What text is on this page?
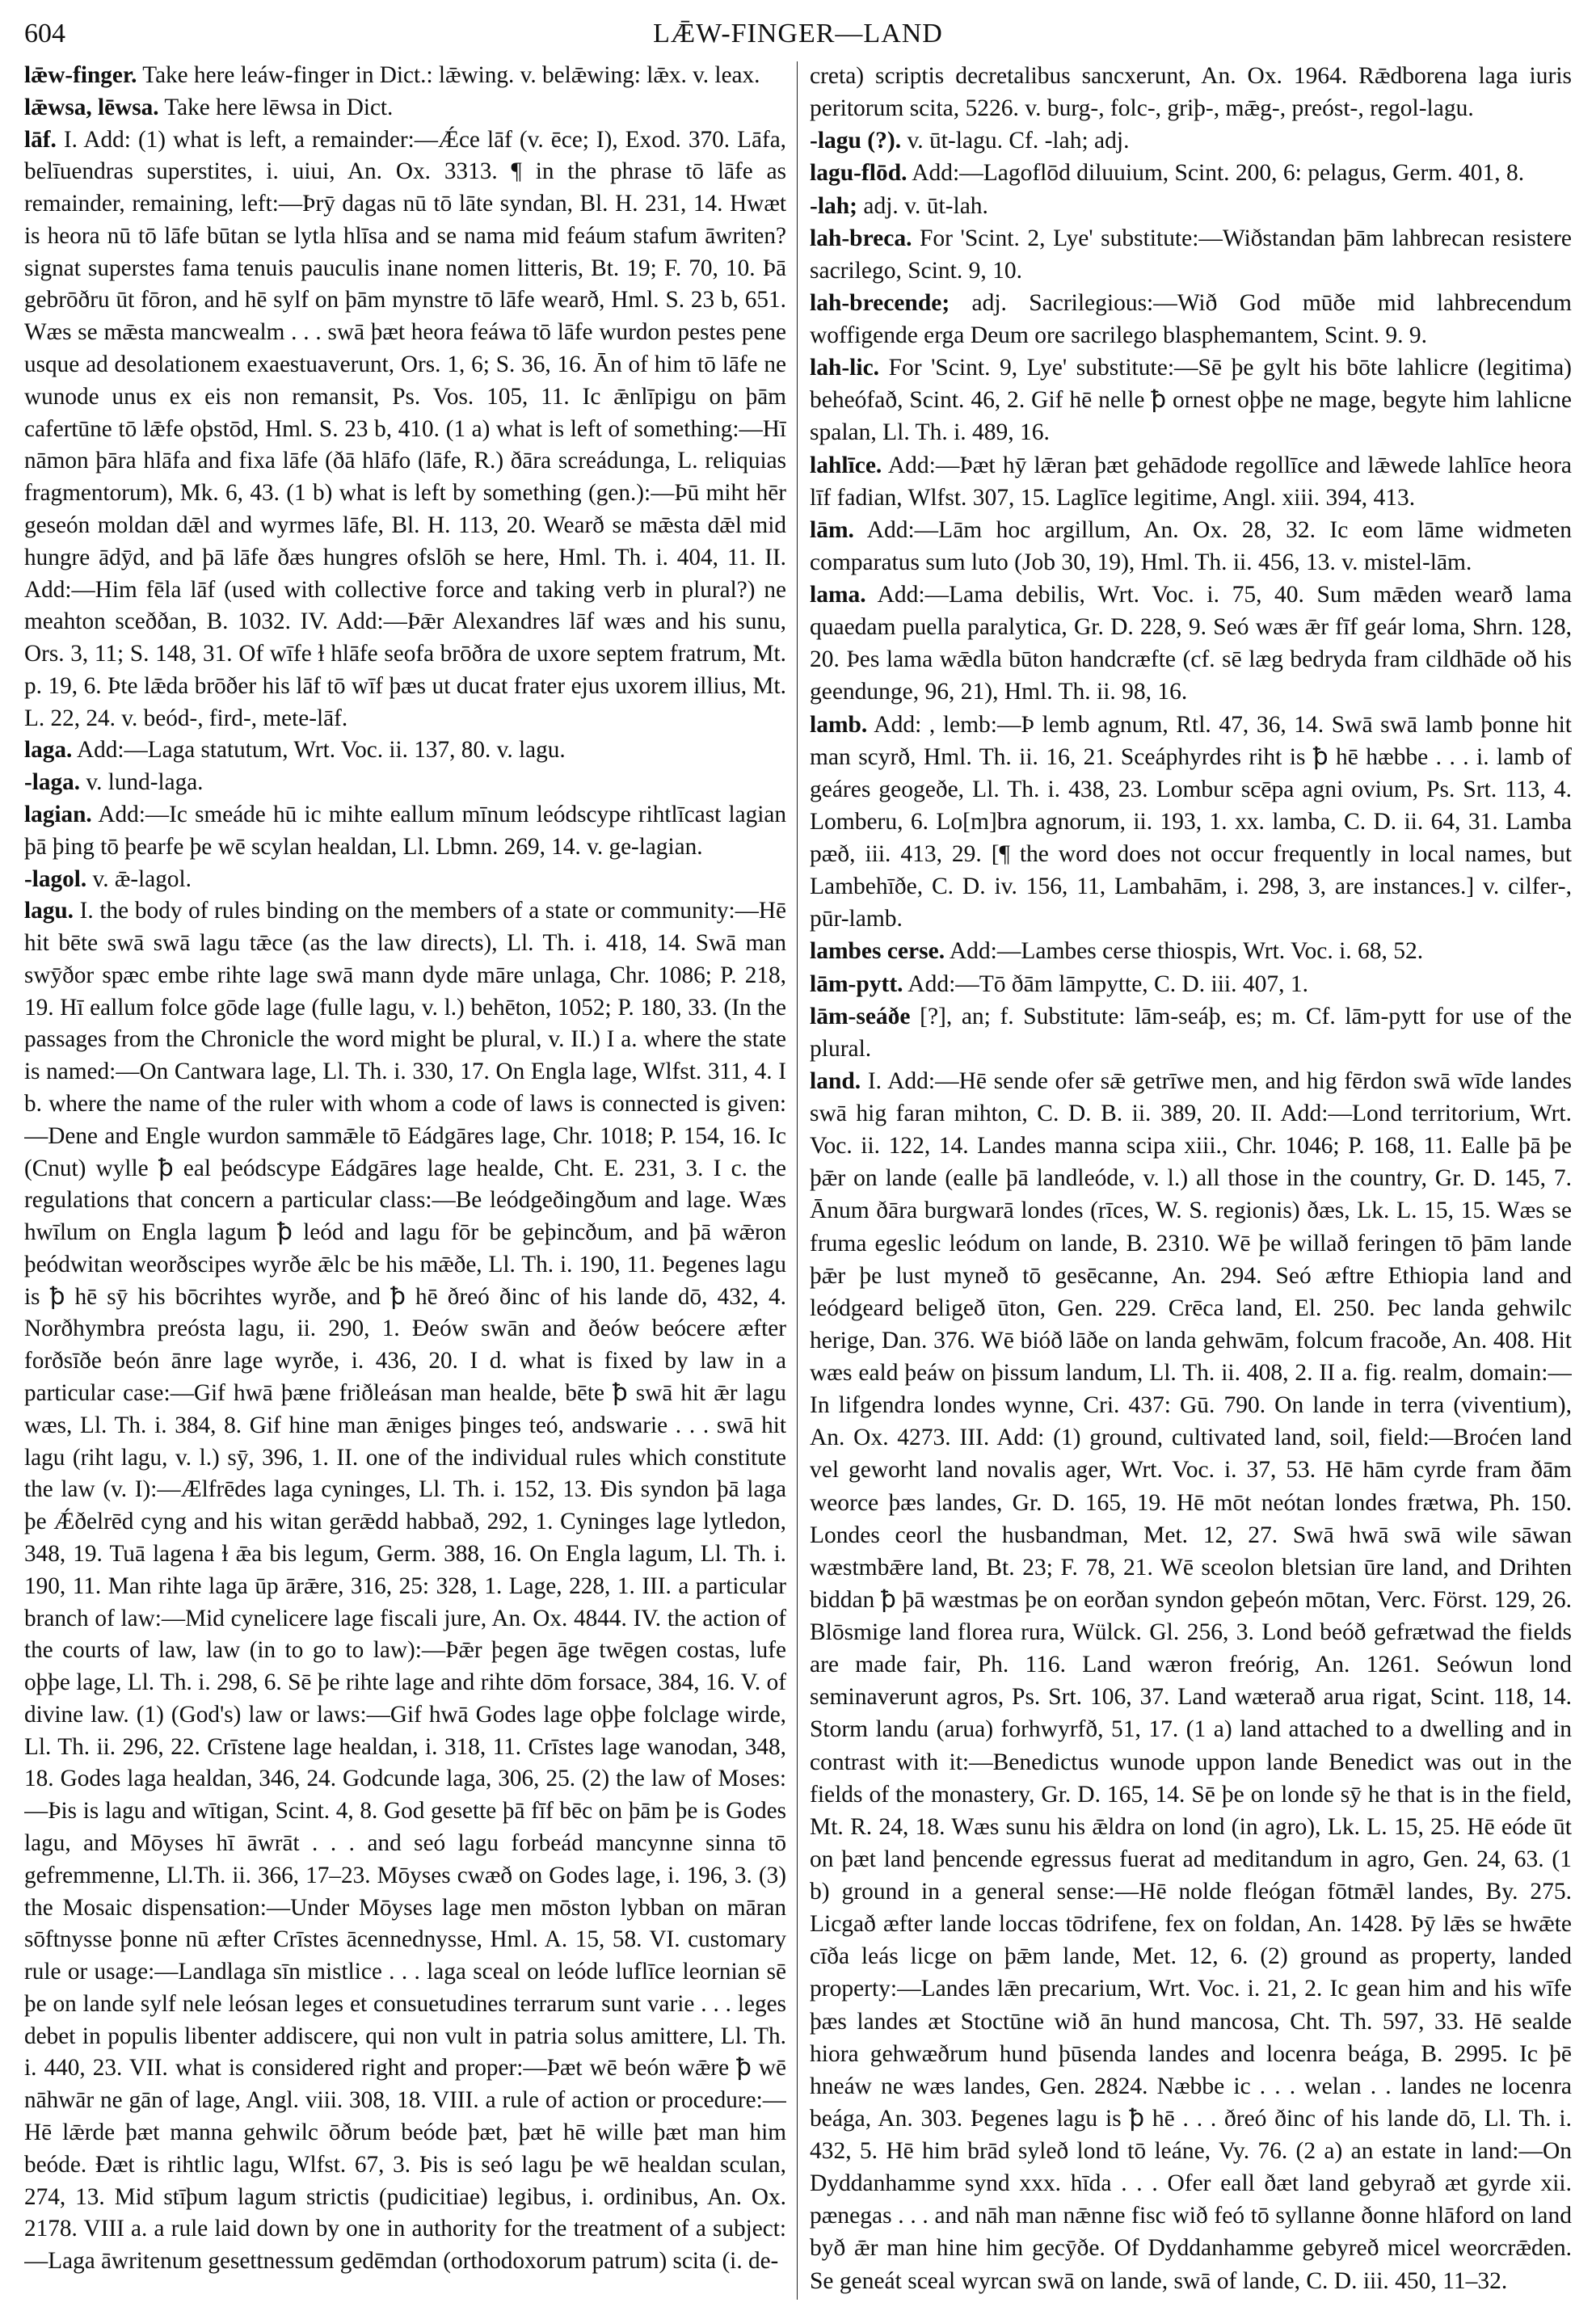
604	LǢW-FINGER—LAND

lǣw-finger. Take here leáw-finger in Dict.: lǣwing. v. belǣwing: lǣx. v. leax.

lǣwsa, lēwsa. Take here lēwsa in Dict.

lāf. I. Add: (1) what is left, a remainder:—Ǽce lāf (v. ēce; I), Exod. 370. Lāfa, belīuendras superstites, i. uiui, An. Ox. 3313. ¶ in the phrase tō lāfe as remainder, remaining, left:—Þrȳ dagas nū tō lāte syndan, Bl. H. 231, 14. Hwæt is heora nū tō lāfe būtan se lytla hlīsa and se nama mid feáum stafum āwriten? signat superstes fama tenuis pauculis inane nomen litteris, Bt. 19; F. 70, 10. Þā gebrōðru ūt fōron, and hē sylf on þām mynstre tō lāfe wearð, Hml. S. 23 b, 651. Wæs se mǣsta mancwealm . . . swā þæt heora feáwa tō lāfe wurdon pestes pene usque ad desolationem exaestuaverunt, Ors. 1, 6; S. 36, 16. Ān of him tō lāfe ne wunode unus ex eis non remansit, Ps. Vos. 105, 11. Ic ǣnlīpigu on þām cafertūne tō lǣfe oþstōd, Hml. S. 23 b, 410. (1 a) what is left of something:—Hī nāmon þāra hlāfa and fixa lāfe (ðā hlāfo (lāfe, R.) ðāra screádunga, L. reliquias fragmentorum), Mk. 6, 43. (1 b) what is left by something (gen.):—Þū miht hēr geseón moldan dǣl and wyrmes lāfe, Bl. H. 113, 20. Wearð se mǣsta dǣl mid hungre ādȳd, and þā lāfe ðæs hungres ofslōh se here, Hml. Th. i. 404, 11. II. Add:—Him fēla lāf (used with collective force and taking verb in plural?) ne meahton sceððan, B. 1032. IV. Add:—Þǣr Alexandres lāf wæs and his sunu, Ors. 3, 11; S. 148, 31. Of wīfe ɫ hlāfe seofa brōðra de uxore septem fratrum, Mt. p. 19, 6. Þte lǣda brōðer his lāf tō wīf þæs ut ducat frater ejus uxorem illius, Mt. L. 22, 24. v. beód-, fird-, mete-lāf.

laga. Add:—Laga statutum, Wrt. Voc. ii. 137, 80. v. lagu.

-laga. v. lund-laga.

lagian. Add:—Ic smeáde hū ic mihte eallum mīnum leódscype rihtlīcast lagian þā þing tō þearfe þe wē scylan healdan, Ll. Lbmn. 269, 14. v. ge-lagian.

-lagol. v. ǣ-lagol.

lagu. I. the body of rules binding on the members of a state or community:—Hē hit bēte swā swā lagu tǣce (as the law directs), Ll. Th. i. 418, 14. Swā man swȳðor spæc embe rihte lage swā mann dyde māre unlaga, Chr. 1086; P. 218, 19. Hī eallum folce gōde lage (fulle lagu, v. l.) behēton, 1052; P. 180, 33. (In the passages from the Chronicle the word might be plural, v. II.) I a. where the state is named:—On Cantwara lage, Ll. Th. i. 330, 17. On Engla lage, Wlfst. 311, 4. I b. where the name of the ruler with whom a code of laws is connected is given:—Dene and Engle wurdon sammǣle tō Eádgāres lage, Chr. 1018; P. 154, 16. Ic (Cnut) wylle ꝥ eal þeódscype Eádgāres lage healde, Cht. E. 231, 3. I c. the regulations that concern a particular class:—Be leódgeðingðum and lage. Wæs hwīlum on Engla lagum ꝥ leód and lagu fōr be geþincðum, and þā wǣron þeódwitan weorðscipes wyrðe ǣlc be his mǣðe, Ll. Th. i. 190, 11. Þegenes lagu is ꝥ hē sȳ his bōcrihtes wyrðe, and ꝥ hē ðreó ðinc of his lande dō, 432, 4. Norðhymbra preósta lagu, ii. 290, 1. Ðeów swān and ðeów beócere æfter forðsīðe beón ānre lage wyrðe, i. 436, 20. I d. what is fixed by law in a particular case:—Gif hwā þæne friðleásan man healde, bēte ꝥ swā hit ǣr lagu wæs, Ll. Th. i. 384, 8. Gif hine man ǣniges þinges teó, andswarie . . . swā hit lagu (riht lagu, v. l.) sȳ, 396, 1. II. one of the individual rules which constitute the law (v. I):—Ælfrēdes laga cyninges, Ll. Th. i. 152, 13. Ðis syndon þā laga þe Ǽðelrēd cyng and his witan gerǣdd habbað, 292, 1. Cyninges lage lytledon, 348, 19. Tuā lagena ɫ ǣa bis legum, Germ. 388, 16. On Engla lagum, Ll. Th. i. 190, 11. Man rihte laga ūp ārǣre, 316, 25: 328, 1. Lage, 228, 1. III. a particular branch of law:—Mid cynelicere lage fiscali jure, An. Ox. 4844. IV. the action of the courts of law, law (in to go to law):—Þǣr þegen āge twēgen costas, lufe oþþe lage, Ll. Th. i. 298, 6. Sē þe rihte lage and rihte dōm forsace, 384, 16. V. of divine law. (1) (God's) law or laws:—Gif hwā Godes lage oþþe folclage wirde, Ll. Th. ii. 296, 22. Crīstene lage healdan, i. 318, 11. Crīstes lage wanodan, 348, 18. Godes laga healdan, 346, 24. Godcunde laga, 306, 25. (2) the law of Moses:—Þis is lagu and wītigan, Scint. 4, 8. God gesette þā fīf bēc on þām þe is Godes lagu, and Mōyses hī āwrāt . . . and seó lagu forbeád mancynne sinna tō gefremmenne, Ll.Th. ii. 366, 17–23. Mōyses cwæð on Godes lage, i. 196, 3. (3) the Mosaic dispensation:—Under Mōyses lage men mōston lybban on māran sōftnysse þonne nū æfter Crīstes ācennednysse, Hml. A. 15, 58. VI. customary rule or usage:—Landlaga sīn mistlice . . . laga sceal on leóde luflīce leornian sē þe on lande sylf nele leósan leges et consuetudines terrarum sunt varie . . . leges debet in populis libenter addiscere, qui non vult in patria solus amittere, Ll. Th. i. 440, 23. VII. what is considered right and proper:—Þæt wē beón wǣre ꝥ wē nāhwār ne gān of lage, Angl. viii. 308, 18. VIII. a rule of action or procedure:—Hē lǣrde þæt manna gehwilc ōðrum beóde þæt, þæt hē wille þæt man him beóde. Ðæt is rihtlic lagu, Wlfst. 67, 3. Þis is seó lagu þe wē healdan sculan, 274, 13. Mid stīþum lagum strictis (pudicitiae) legibus, i. ordinibus, An. Ox. 2178. VIII a. a rule laid down by one in authority for the treatment of a subject:—Laga āwritenum gesettnessum gedēmdan (orthodoxorum patrum) scita (i. de-

creta) scriptis decretalibus sancxerunt, An. Ox. 1964. Rǣdborena laga iuris peritorum scita, 5226. v. burg-, folc-, griþ-, mǣg-, preóst-, regol-lagu.

-lagu (?). v. ūt-lagu. Cf. -lah; adj.

lagu-flōd. Add:—Lagoflōd diluuium, Scint. 200, 6: pelagus, Germ. 401, 8.

-lah; adj. v. ūt-lah.

lah-breca. For 'Scint. 2, Lye' substitute:—Wiðstandan þām lahbrecan resistere sacrilego, Scint. 9, 10.

lah-brecende; adj. Sacrilegious:—Wið God mūðe mid lahbrecendum woffigende erga Deum ore sacrilego blasphemantem, Scint. 9. 9.

lah-lic. For 'Scint. 9, Lye' substitute:—Sē þe gylt his bōte lahlicre (legitima) beheófað, Scint. 46, 2. Gif hē nelle ꝥ ornest oþþe ne mage, begyte him lahlicne spalan, Ll. Th. i. 489, 16.

lahlīce. Add:—Þæt hȳ lǣran þæt gehādode regollīce and lǣwede lahlīce heora līf fadian, Wlfst. 307, 15. Laglīce legitime, Angl. xiii. 394, 413.

lām. Add:—Lām hoc argillum, An. Ox. 28, 32. Ic eom lāme widmeten comparatus sum luto (Job 30, 19), Hml. Th. ii. 456, 13. v. mistel-lām.

lama. Add:—Lama debilis, Wrt. Voc. i. 75, 40. Sum mǣden wearð lama quaedam puella paralytica, Gr. D. 228, 9. Seó wæs ǣr fīf geár loma, Shrn. 128, 20. Þes lama wǣdla būton handcræfte (cf. sē læg bedryda fram cildhāde oð his geendunge, 96, 21), Hml. Th. ii. 98, 16.

lamb. Add: , lemb:—Þ lemb agnum, Rtl. 47, 36, 14. Swā swā lamb þonne hit man scyrð, Hml. Th. ii. 16, 21. Sceáphyrdes riht is ꝥ hē hæbbe . . . i. lamb of geáres geogeðe, Ll. Th. i. 438, 23. Lombur scēpa agni ovium, Ps. Srt. 113, 4. Lomberu, 6. Lo[m]bra agnorum, ii. 193, 1. xx. lamba, C. D. ii. 64, 31. Lamba pæð, iii. 413, 29. [¶ the word does not occur frequently in local names, but Lambehīðe, C. D. iv. 156, 11, Lambahām, i. 298, 3, are instances.] v. cilfer-, pūr-lamb.

lambes cerse. Add:—Lambes cerse thiospis, Wrt. Voc. i. 68, 52.

lām-pytt. Add:—Tō ðām lāmpytte, C. D. iii. 407, 1.

lām-seáðe [?], an; f. Substitute: lām-seáþ, es; m. Cf. lām-pytt for use of the plural.

land. I. Add:—Hē sende ofer sǣ getrīwe men, and hig fērdon swā wīde landes swā hig faran mihton, C. D. B. ii. 389, 20. II. Add:—Lond territorium, Wrt. Voc. ii. 122, 14. Landes manna scipa xiii., Chr. 1046; P. 168, 11. Ealle þā þe þǣr on lande (ealle þā landleóde, v. l.) all those in the country, Gr. D. 145, 7. Ānum ðāra burgwarā londes (rīces, W. S. regionis) ðæs, Lk. L. 15, 15. Wæs se fruma egeslic leódum on lande, B. 2310. Wē þe willað feringen tō þām lande þǣr þe lust myneð tō gesēcanne, An. 294. Seó æftre Ethiopia land and leódgeard beligeð ūton, Gen. 229. Crēca land, El. 250. Þec landa gehwilc herige, Dan. 376. Wē bióð lāðe on landa gehwām, folcum fracoðe, An. 408. Hit wæs eald þeáw on þissum landum, Ll. Th. ii. 408, 2. II a. fig. realm, domain:—In lifgendra londes wynne, Cri. 437: Gū. 790. On lande in terra (viventium), An. Ox. 4273. III. Add: (1) ground, cultivated land, soil, field:—Broćen land vel geworht land novalis ager, Wrt. Voc. i. 37, 53. Hē hām cyrde fram ðām weorce þæs landes, Gr. D. 165, 19. Hē mōt neótan londes frætwa, Ph. 150. Londes ceorl the husbandman, Met. 12, 27. Swā hwā swā wile sāwan wæstmbǣre land, Bt. 23; F. 78, 21. Wē sceolon bletsian ūre land, and Drihten biddan ꝥ þā wæstmas þe on eorðan syndon geþeón mōtan, Verc. Först. 129, 26. Blōsmige land florea rura, Wülck. Gl. 256, 3. Lond beóð gefrætwad the fields are made fair, Ph. 116. Land wæron freórig, An. 1261. Seówun lond seminaverunt agros, Ps. Srt. 106, 37. Land wæterað arua rigat, Scint. 118, 14. Storm landu (arua) forhwyrfð, 51, 17. (1 a) land attached to a dwelling and in contrast with it:—Benedictus wunode uppon lande Benedict was out in the fields of the monastery, Gr. D. 165, 14. Sē þe on londe sȳ he that is in the field, Mt. R. 24, 18. Wæs sunu his ǣldra on lond (in agro), Lk. L. 15, 25. Hē eóde ūt on þæt land þencende egressus fuerat ad meditandum in agro, Gen. 24, 63. (1 b) ground in a general sense:—Hē nolde fleógan fōtmǣl landes, By. 275. Licgað æfter lande loccas tōdrifene, fex on foldan, An. 1428. Þȳ lǣs se hwǣte cīða leás licge on þǣm lande, Met. 12, 6. (2) ground as property, landed property:—Landes lǣn precarium, Wrt. Voc. i. 21, 2. Ic gean him and his wīfe þæs landes æt Stoctūne wið ān hund mancosa, Cht. Th. 597, 33. Hē sealde hiora gehwæðrum hund þūsenda landes and locenra beága, B. 2995. Ic þē hneáw ne wæs landes, Gen. 2824. Næbbe ic . . . welan . . landes ne locenra beága, An. 303. Þegenes lagu is ꝥ hē . . . ðreó ðinc of his lande dō, Ll. Th. i. 432, 5. Hē him brād syleð lond tō leáne, Vy. 76. (2 a) an estate in land:—On Dyddanhamme synd xxx. hīda . . . Ofer eall ðæt land gebyrað æt gyrde xii. pænegas . . . and nāh man nǣnne fisc wið feó tō syllanne ðonne hlāford on land byð ǣr man hine him gecȳðe. Of Dyddanhamme gebyreð micel weorcrǣden. Se geneát sceal wyrcan swā on lande, swā of lande, C. D. iii. 450, 11–32.
